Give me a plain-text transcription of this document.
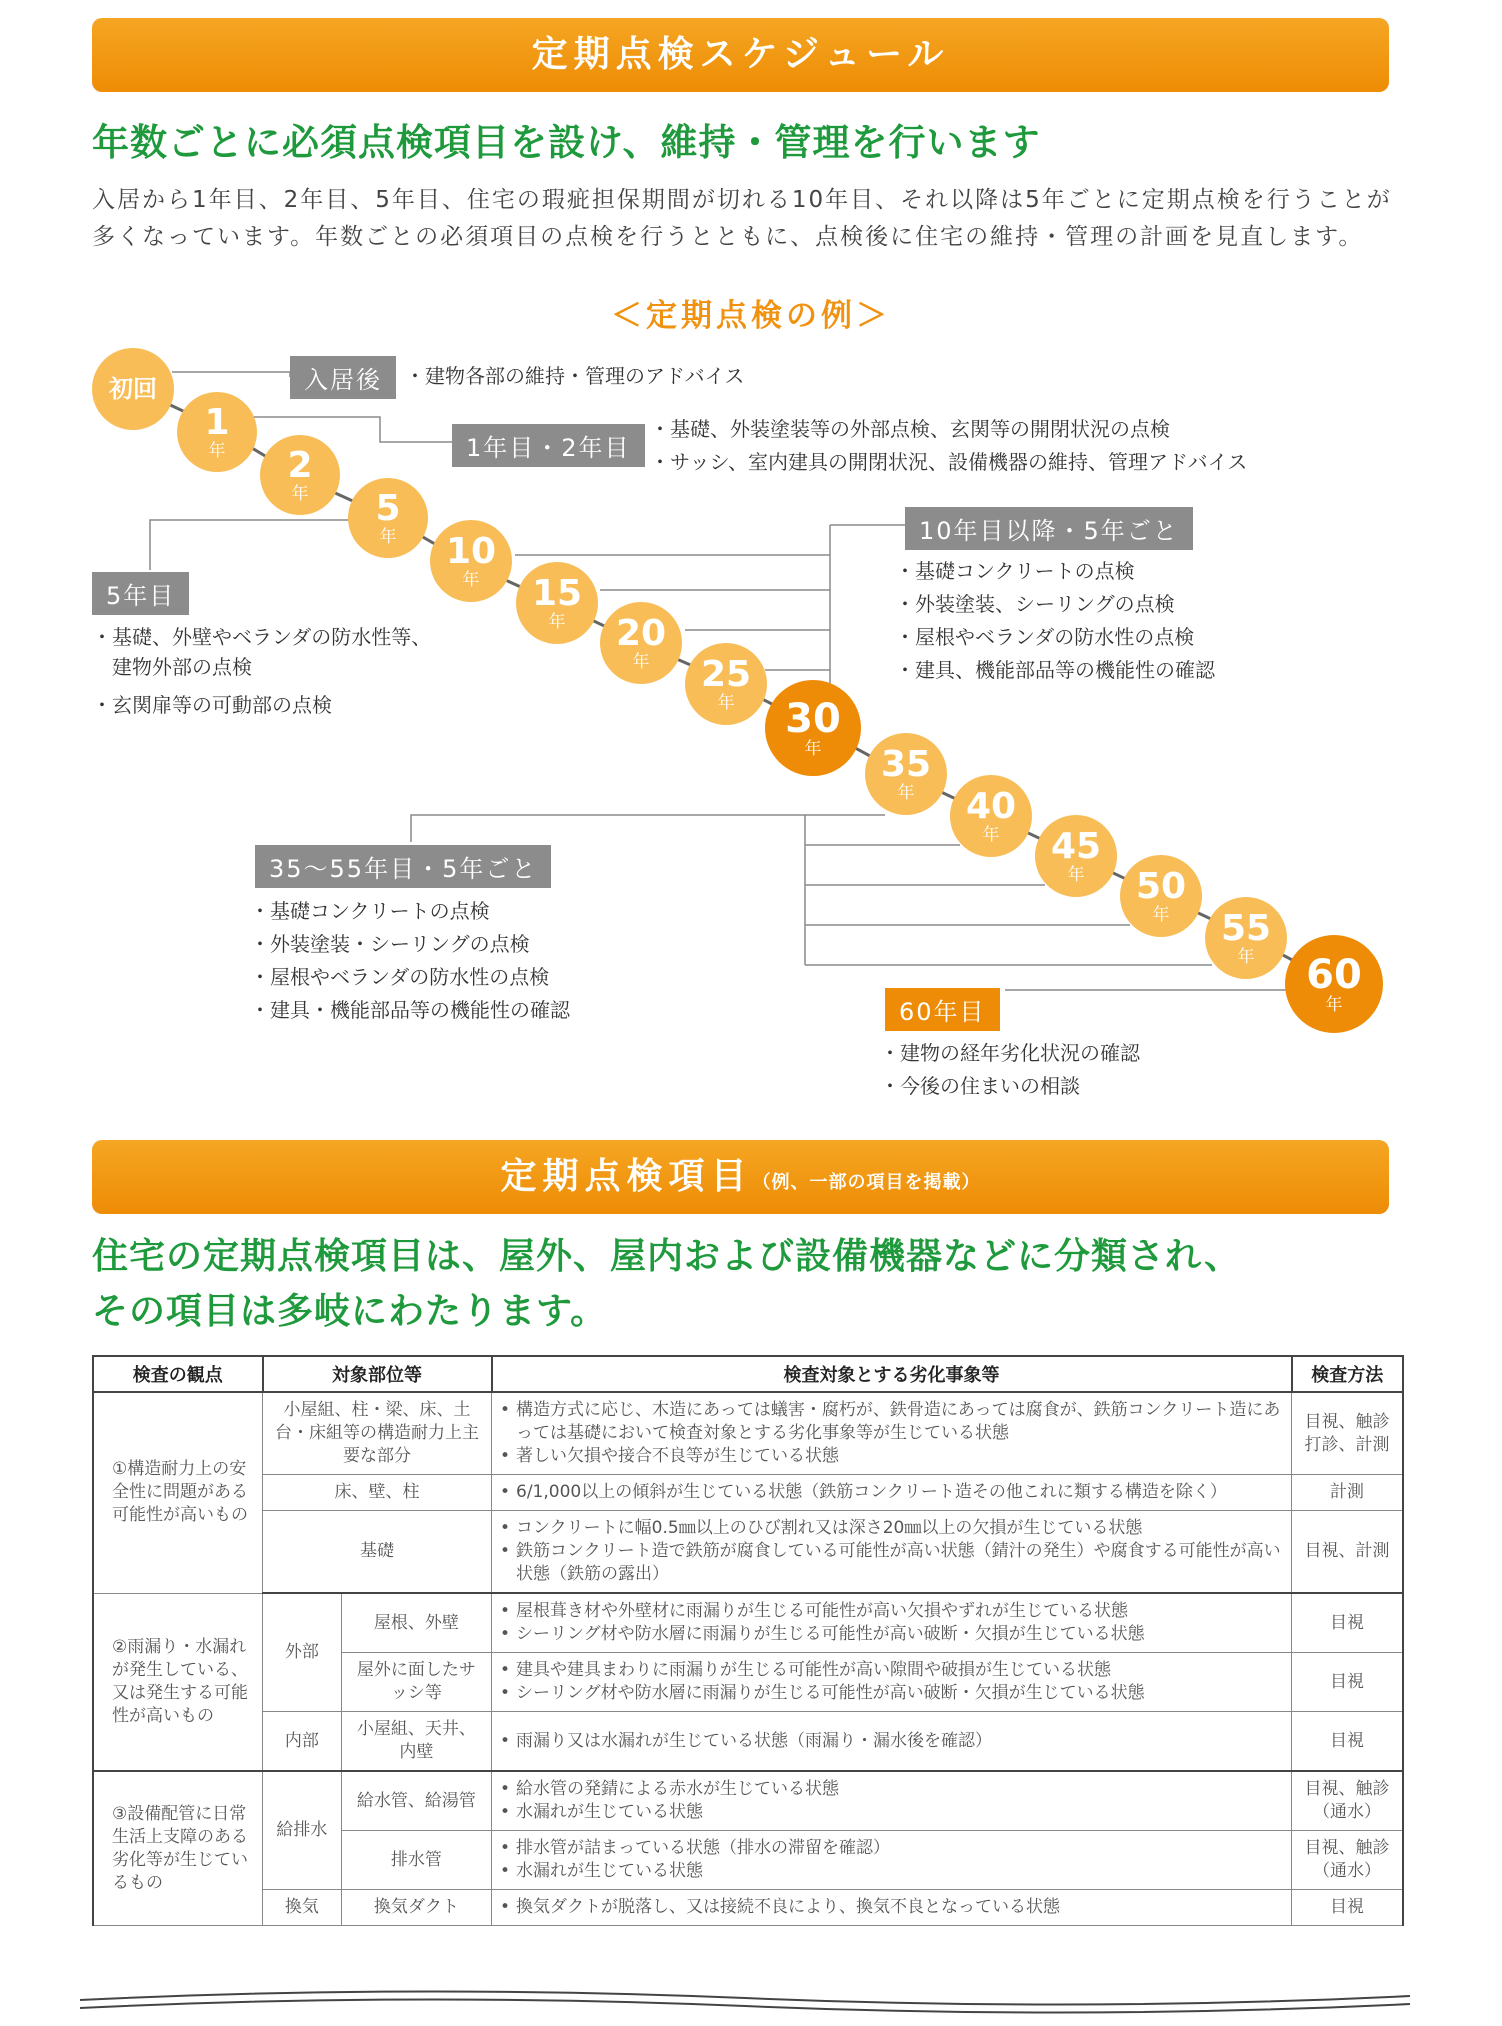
定期点検スケジュール
年数ごとに必須点検項目を設け、維持・管理を行います
入居から1年目、2年目、5年目、住宅の瑕疵担保期間が切れる10年目、それ以降は5年ごとに定期点検を行うことが多くなっています。年数ごとの必須項目の点検を行うとともに、点検後に住宅の維持・管理の計画を見直します。
＜定期点検の例＞
初回
1
年 2
年 5
年 10
年 15
年 20
年 25
年 30
年 35
年 40
年 45
年 50
年 55
年 60
年
入居後	・ 建物各部の維持・管理のアドバイス
1年目・2年目
・ 基礎、外装塗装等の外部点検、玄関等の開閉状況の点検
・ サッシ、室内建具の開閉状況、設備機器の維持、管理アドバイス
10年目以降・5年ごと
・ 基礎コンクリートの点検
・ 外装塗装、シーリングの点検
・ 屋根やベランダの防水性の点検
・ 建具、機能部品等の機能性の確認
5年目
・ 基礎、外壁やベランダの防水性等、
建物外部の点検
・ 玄関扉等の可動部の点検
35～55年目・5年ごと
・ 基礎コンクリートの点検
・ 外装塗装・シーリングの点検
・ 屋根やベランダの防水性の点検
・ 建具・機能部品等の機能性の確認	60年目
・ 建物の経年劣化状況の確認
・ 今後の住まいの相談
定期点検項目（例、一部の項目を掲載）
住宅の定期点検項目は、屋外、屋内および設備機器などに分類され、
その項目は多岐にわたります。
検査の観点	対象部位等		検査対象とする劣化事象等	検査方法
①構造耐力上の安全性に問題がある可能性が高いもの	小屋組、柱・梁、床、土台・床組等の構造耐力上主要な部分		• 構造方式に応じ、木造にあっては蟻害・腐朽が、鉄骨造にあっては腐食が、鉄筋コンクリート造にあっては基礎において検査対象とする劣化事象等が生じている状態
• 著しい欠損や接合不良等が生じている状態	目視、触診 打診、計測
	床、壁、柱		• 6/1,000以上の傾斜が生じている状態（鉄筋コンクリート造その他これに類する構造を除く）	計測
	基礎		• コンクリートに幅0.5㎜以上のひび割れ又は深さ20㎜以上の欠損が生じている状態
• 鉄筋コンクリート造で鉄筋が腐食している可能性が高い状態（錆汁の発生）や腐食する可能性が高い状態（鉄筋の露出）	目視、計測
②雨漏り・水漏れが発生している、又は発生する可能性が高いもの	外部	屋根、外壁	• 屋根葺き材や外壁材に雨漏りが生じる可能性が高い欠損やずれが生じている状態
• シーリング材や防水層に雨漏りが生じる可能性が高い破断・欠損が生じている状態	目視
		屋外に面したサッシ等	• 建具や建具まわりに雨漏りが生じる可能性が高い隙間や破損が生じている状態
• シーリング材や防水層に雨漏りが生じる可能性が高い破断・欠損が生じている状態	目視
	内部	小屋組、天井、内壁	• 雨漏り又は水漏れが生じている状態（雨漏り・漏水後を確認）	目視
③設備配管に日常生活上支障のある劣化等が生じているもの	給排水	給水管、給湯管	• 給水管の発錆による赤水が生じている状態
• 水漏れが生じている状態	目視、触診（通水）
		排水管	• 排水管が詰まっている状態（排水の滞留を確認）
• 水漏れが生じている状態	目視、触診（通水）
	換気	換気ダクト	• 換気ダクトが脱落し、又は接続不良により、換気不良となっている状態	目視
